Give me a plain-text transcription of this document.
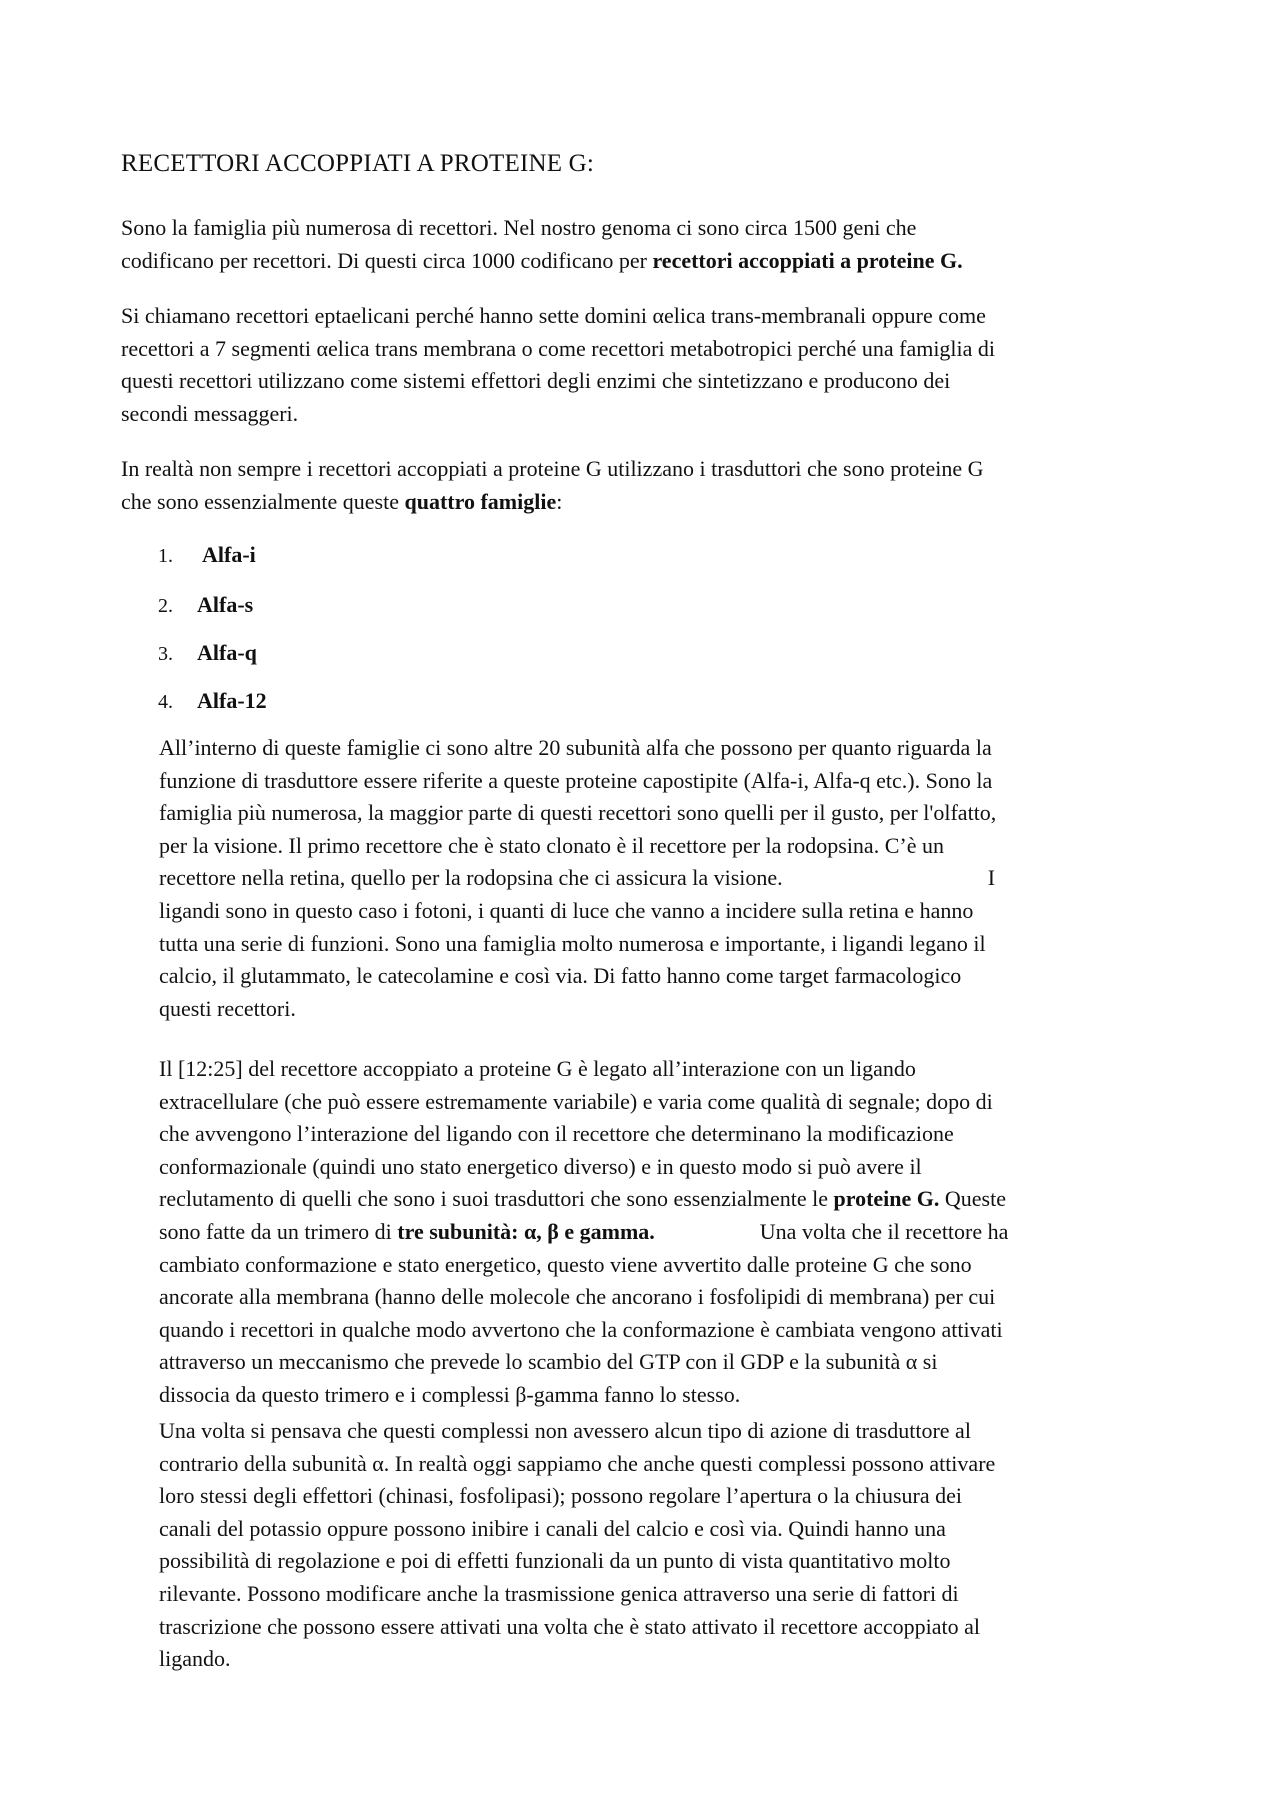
RECETTORI ACCOPPIATI A PROTEINE G:

Sono la famiglia più numerosa di recettori. Nel nostro genoma ci sono circa 1500 geni che
codificano per recettori. Di questi circa 1000 codificano per recettori accoppiati a proteine G.

Si chiamano recettori eptaelicani perché hanno sette domini αelica trans-membranali oppure come
recettori a 7 segmenti αelica trans membrana o come recettori metabotropici perché una famiglia di
questi recettori utilizzano come sistemi effettori degli enzimi che sintetizzano e producono dei
secondi messaggeri.

In realtà non sempre i recettori accoppiati a proteine G utilizzano i trasduttori che sono proteine G
che sono essenzialmente queste quattro famiglie:

1. Alfa-i
2. Alfa-s
3. Alfa-q
4. Alfa-12

All’interno di queste famiglie ci sono altre 20 subunità alfa che possono per quanto riguarda la
funzione di trasduttore essere riferite a queste proteine capostipite (Alfa-i, Alfa-q etc.). Sono la
famiglia più numerosa, la maggior parte di questi recettori sono quelli per il gusto, per l'olfatto,
per la visione. Il primo recettore che è stato clonato è il recettore per la rodopsina. C’è un
recettore nella retina, quello per la rodopsina che ci assicura la visione.	I
ligandi sono in questo caso i fotoni, i quanti di luce che vanno a incidere sulla retina e hanno
tutta una serie di funzioni. Sono una famiglia molto numerosa e importante, i ligandi legano il
calcio, il glutammato, le catecolamine e così via. Di fatto hanno come target farmacologico
questi recettori.

Il [12:25] del recettore accoppiato a proteine G è legato all’interazione con un ligando
extracellulare (che può essere estremamente variabile) e varia come qualità di segnale; dopo di
che avvengono l’interazione del ligando con il recettore che determinano la modificazione
conformazionale (quindi uno stato energetico diverso) e in questo modo si può avere il
reclutamento di quelli che sono i suoi trasduttori che sono essenzialmente le proteine G. Queste
sono fatte da un trimero di tre subunità: α, β e gamma.	Una volta che il recettore ha
cambiato conformazione e stato energetico, questo viene avvertito dalle proteine G che sono
ancorate alla membrana (hanno delle molecole che ancorano i fosfolipidi di membrana) per cui
quando i recettori in qualche modo avvertono che la conformazione è cambiata vengono attivati
attraverso un meccanismo che prevede lo scambio del GTP con il GDP e la subunità α si
dissocia da questo trimero e i complessi β-gamma fanno lo stesso.

Una volta si pensava che questi complessi non avessero alcun tipo di azione di trasduttore al
contrario della subunità α. In realtà oggi sappiamo che anche questi complessi possono attivare
loro stessi degli effettori (chinasi, fosfolipasi); possono regolare l’apertura o la chiusura dei
canali del potassio oppure possono inibire i canali del calcio e così via. Quindi hanno una
possibilità di regolazione e poi di effetti funzionali da un punto di vista quantitativo molto
rilevante. Possono modificare anche la trasmissione genica attraverso una serie di fattori di
trascrizione che possono essere attivati una volta che è stato attivato il recettore accoppiato al
ligando.
